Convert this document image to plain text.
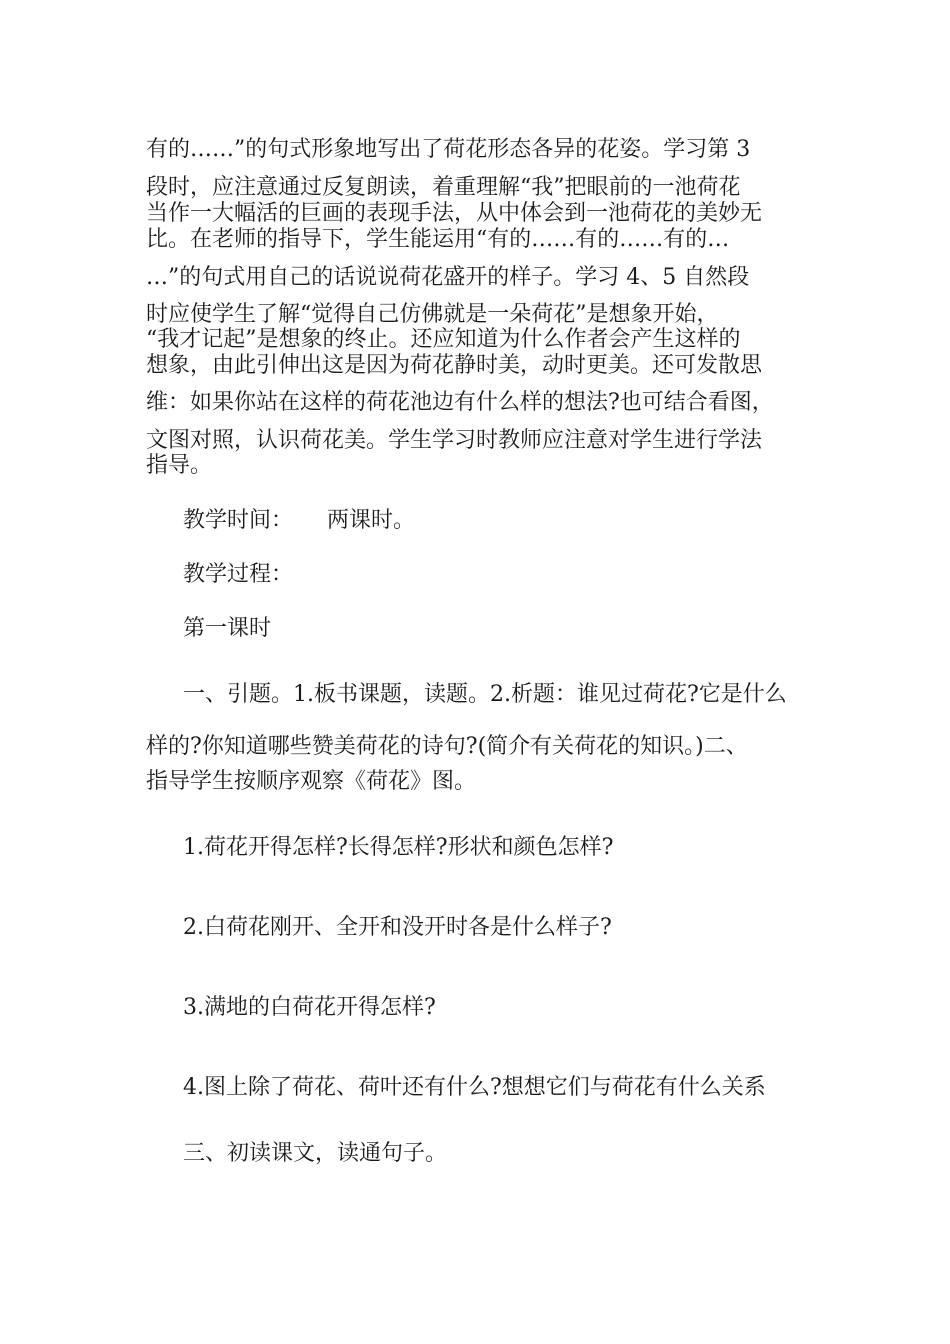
有的……”的句式形象地写出了荷花形态各异的花姿。学习第 3
段时，应注意通过反复朗读，着重理解“我”把眼前的一池荷花
当作一大幅活的巨画的表现手法，从中体会到一池荷花的美妙无
比。在老师的指导下，学生能运用“有的……有的……有的…
…”的句式用自己的话说说荷花盛开的样子。学习 4、5 自然段
时应使学生了解“觉得自己仿佛就是一朵荷花”是想象开始，
“我才记起”是想象的终止。还应知道为什么作者会产生这样的
想象，由此引伸出这是因为荷花静时美，动时更美。还可发散思
维：如果你站在这样的荷花池边有什么样的想法?也可结合看图，
文图对照，认识荷花美。学生学习时教师应注意对学生进行学法
指导。
教学时间： 两课时。
教学过程：
第一课时
一、引题。1.板书课题，读题。2.析题：谁见过荷花?它是什么
样的?你知道哪些赞美荷花的诗句?(简介有关荷花的知识。)二、
指导学生按顺序观察《荷花》图。
1.荷花开得怎样?长得怎样?形状和颜色怎样?
2.白荷花刚开、全开和没开时各是什么样子?
3.满地的白荷花开得怎样?
4.图上除了荷花、荷叶还有什么?想想它们与荷花有什么关系
三、初读课文，读通句子。
